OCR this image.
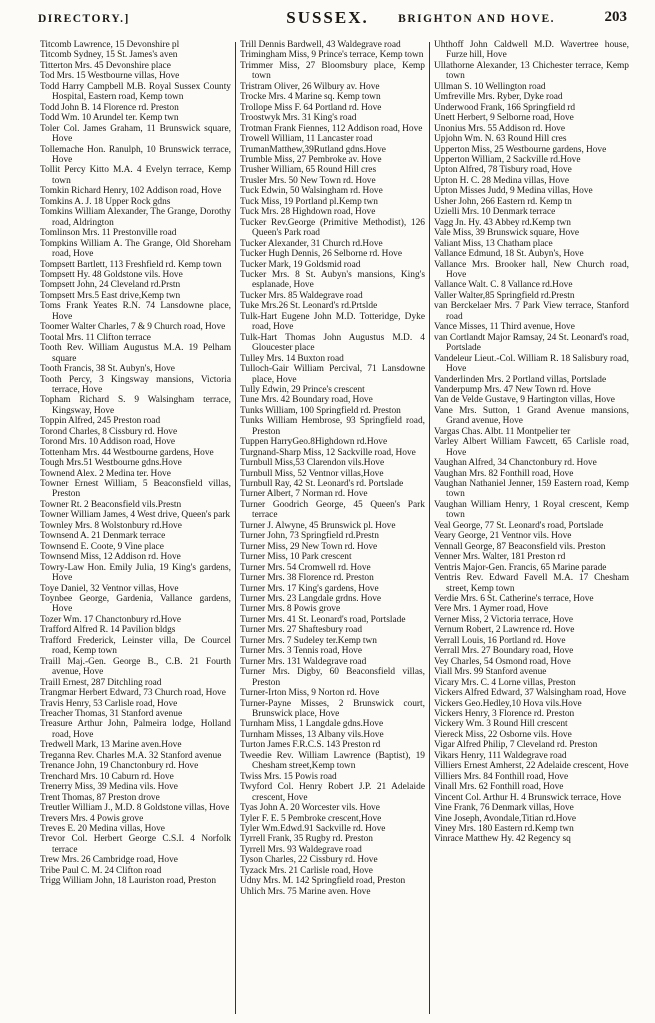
DIRECTORY.]	SUSSEX.	BRIGHTON AND HOVE.	203

Titcomb Lawrence, 15 Devonshire pl

Titcomb Sydney, 15 St. James's aven

Titterton Mrs. 45 Devonshire place

Tod Mrs. 15 Westbourne villas, Hove

Todd Harry Campbell M.B. Royal Sussex County Hospital, Eastern road, Kemp town

Todd John B. 14 Florence rd. Preston

Todd Wm. 10 Arundel ter. Kemp twn

Toler Col. James Graham, 11 Brunswick square, Hove

Tollemache Hon. Ranulph, 10 Brunswick terrace, Hove

Tollit Percy Kitto M.A. 4 Evelyn terrace, Kemp town

Tomkin Richard Henry, 102 Addison road, Hove

Tomkins A. J. 18 Upper Rock gdns

Tomkins William Alexander, The Grange, Dorothy road, Aldrington

Tomlinson Mrs. 11 Prestonville road

Tompkins William A. The Grange, Old Shoreham road, Hove

Tompsett Bartlett, 113 Freshfield rd. Kemp town

Tompsett Hy. 48 Goldstone vils. Hove

Tompsett John, 24 Cleveland rd.Prstn

Tompsett Mrs.5 East drive,Kemp twn

Toms Frank Yeates R.N. 74 Lansdowne place, Hove

Toomer Walter Charles, 7 & 9 Church road, Hove

Tootal Mrs. 11 Clifton terrace

Tooth Rev. William Augustus M.A. 19 Pelham square

Tooth Francis, 38 St. Aubyn's, Hove

Tooth Percy, 3 Kingsway mansions, Victoria terrace, Hove

Topham Richard S. 9 Walsingham terrace, Kingsway, Hove

Toppin Alfred, 245 Preston road

Torond Charles, 8 Cissbury rd. Hove

Torond Mrs. 10 Addison road, Hove

Tottenham Mrs. 44 Westbourne gardens, Hove

Tough Mrs.51 Westbourne gdns.Hove

Townend Alex. 2 Medina ter. Hove

Towner Ernest William, 5 Beaconsfield villas, Preston

Towner Rt. 2 Beaconsfield vils.Prestn

Towner William James, 4 West drive, Queen's park

Townley Mrs. 8 Wolstonbury rd.Hove

Townsend A. 21 Denmark terrace

Townsend E. Coote, 9 Vine place

Townsend Miss, 12 Addison rd. Hove

Towry-Law Hon. Emily Julia, 19 King's gardens, Hove

Toye Daniel, 32 Ventnor villas, Hove

Toynbee George, Gardenia, Vallance gardens, Hove

Tozer Wm. 17 Chanctonbury rd.Hove

Trafford Alfred R. 14 Pavilion bldgs

Trafford Frederick, Leinster villa, De Courcel road, Kemp town

Traill Maj.-Gen. George B., C.B. 21 Fourth avenue, Hove

Traill Ernest, 287 Ditchling road

Trangmar Herbert Edward, 73 Church road, Hove

Travis Henry, 53 Carlisle road, Hove

Treacher Thomas, 31 Stanford avenue

Treasure Arthur John, Palmeira lodge, Holland road, Hove

Tredwell Mark, 13 Marine aven.Hove

Treganna Rev. Charles M.A. 32 Stanford avenue

Trenance John, 19 Chanctonbury rd. Hove

Trenchard Mrs. 10 Caburn rd. Hove

Trenerry Miss, 39 Medina vils. Hove

Trent Thomas, 87 Preston drove

Treutler William J., M.D. 8 Goldstone villas, Hove

Trevers Mrs. 4 Powis grove

Treves E. 20 Medina villas, Hove

Trevor Col. Herbert George C.S.I. 4 Norfolk terrace

Trew Mrs. 26 Cambridge road, Hove

Tribe Paul C. M. 24 Clifton road

Trigg William John, 18 Lauriston road, Preston

Trill Dennis Bardwell, 43 Waldegrave road

Trimingham Miss, 9 Prince's terrace, Kemp town

Trimmer Miss, 27 Bloomsbury place, Kemp town

Tristram Oliver, 26 Wilbury av. Hove

Trocke Mrs. 4 Marine sq. Kemp town

Trollope Miss F. 64 Portland rd. Hove

Troostwyk Mrs. 31 King's road

Trotman Frank Fiennes, 112 Addison road, Hove

Trowell William, 11 Lancaster road

TrumanMatthew,39Rutland gdns.Hove

Trumble Miss, 27 Pembroke av. Hove

Trusher William, 65 Round Hill cres

Trusler Mrs. 50 New Town rd. Hove

Tuck Edwin, 50 Walsingham rd. Hove

Tuck Miss, 19 Portland pl.Kemp twn

Tuck Mrs. 28 Highdown road, Hove

Tucker Rev.George (Primitive Methodist), 126 Queen's Park road

Tucker Alexander, 31 Church rd.Hove

Tucker Hugh Dennis, 26 Selborne rd. Hove

Tucker Mark, 19 Goldsmid road

Tucker Mrs. 8 St. Aubyn's mansions, King's esplanade, Hove

Tucker Mrs. 85 Waldegrave road

Tuke Mrs.26 St. Leonard's rd.Prtslde

Tulk-Hart Eugene John M.D. Totteridge, Dyke road, Hove

Tulk-Hart Thomas John Augustus M.D. 4 Gloucester place

Tulley Mrs. 14 Buxton road

Tulloch-Gair William Percival, 71 Lansdowne place, Hove

Tully Edwin, 29 Prince's crescent

Tune Mrs. 42 Boundary road, Hove

Tunks William, 100 Springfield rd. Preston

Tunks William Hembrose, 93 Springfield road, Preston

Tuppen HarryGeo.8Highdown rd.Hove

Turgnand-Sharp Miss, 12 Sackville road, Hove

Turnbull Miss,53 Clarendon vils.Hove

Turnbull Miss, 52 Ventnor villas,Hove

Turnbull Ray, 42 St. Leonard's rd. Portslade

Turner Albert, 7 Norman rd. Hove

Turner Goodrich George, 45 Queen's Park terrace

Turner J. Alwyne, 45 Brunswick pl. Hove

Turner John, 73 Springfield rd.Prestn

Turner Miss, 29 New Town rd. Hove

Turner Miss, 10 Park crescent

Turner Mrs. 54 Cromwell rd. Hove

Turner Mrs. 38 Florence rd. Preston

Turner Mrs. 17 King's gardens, Hove

Turner Mrs. 23 Langdale grdns. Hove

Turner Mrs. 8 Powis grove

Turner Mrs. 41 St. Leonard's road, Portslade

Turner Mrs. 27 Shaftesbury road

Turner Mrs. 7 Sudeley ter.Kemp twn

Turner Mrs. 3 Tennis road, Hove

Turner Mrs. 131 Waldegrave road

Turner Mrs. Digby, 60 Beaconsfield villas, Preston

Turner-Irton Miss, 9 Norton rd. Hove

Turner-Payne Misses, 2 Brunswick court, Brunswick place, Hove

Turnham Miss, 1 Langdale gdns.Hove

Turnham Misses, 13 Albany vils.Hove

Turton James F.R.C.S. 143 Preston rd

Tweedie Rev. William Lawrence (Baptist), 19 Chesham street,Kemp town

Twiss Mrs. 15 Powis road

Twyford Col. Henry Robert J.P. 21 Adelaide crescent, Hove

Tyas John A. 20 Worcester vils. Hove

Tyler F. E. 5 Pembroke crescent,Hove

Tyler Wm.Edwd.91 Sackville rd. Hove

Tyrrell Frank, 35 Rugby rd. Preston

Tyrrell Mrs. 93 Waldegrave road

Tyson Charles, 22 Cissbury rd. Hove

Tyzack Mrs. 21 Carlisle road, Hove

Udny Mrs. M. 142 Springfield road, Preston

Uhlich Mrs. 75 Marine aven. Hove

Uhthoff John Caldwell M.D. Wavertree house, Furze hill, Hove

Ullathorne Alexander, 13 Chichester terrace, Kemp town

Ullman S. 10 Wellington road

Umfreville Mrs. Ryber, Dyke road

Underwood Frank, 166 Springfield rd

Unett Herbert, 9 Selborne road, Hove

Unonius Mrs. 55 Addison rd. Hove

Upjohn Wm. N. 63 Round Hill cres

Upperton Miss, 25 Westbourne gardens, Hove

Upperton William, 2 Sackville rd.Hove

Upton Alfred, 78 Tisbury road, Hove

Upton H. C. 28 Medina villas, Hove

Upton Misses Judd, 9 Medina villas, Hove

Usher John, 266 Eastern rd. Kemp tn

Uzielli Mrs. 10 Denmark terrace

Vagg Jn. Hy. 43 Abbey rd.Kemp twn

Vale Miss, 39 Brunswick square, Hove

Valiant Miss, 13 Chatham place

Vallance Edmund, 18 St. Aubyn's, Hove

Vallance Mrs. Brooker hall, New Church road, Hove

Vallance Walt. C. 8 Vallance rd.Hove

Valler Walter,85 Springfield rd.Prestn

van Berckelaer Mrs. 7 Park View terrace, Stanford road

Vance Misses, 11 Third avenue, Hove

van Cortlandt Major Ramsay, 24 St. Leonard's road, Portslade

Vandeleur Lieut.-Col. William R. 18 Salisbury road, Hove

Vanderlinden Mrs. 2 Portland villas, Portslade

Vanderpump Mrs. 47 New Town rd. Hove

Van de Velde Gustave, 9 Hartington villas, Hove

Vane Mrs. Sutton, 1 Grand Avenue mansions, Grand avenue, Hove

Vargas Chas. Albt. 11 Montpelier ter

Varley Albert William Fawcett, 65 Carlisle road, Hove

Vaughan Alfred, 34 Chanctonbury rd. Hove

Vaughan Mrs. 82 Fonthill road, Hove

Vaughan Nathaniel Jenner, 159 Eastern road, Kemp town

Vaughan William Henry, 1 Royal crescent, Kemp town

Veal George, 77 St. Leonard's road, Portslade

Veary George, 21 Ventnor vils. Hove

Vennall George, 87 Beaconsfield vils. Preston

Venner Mrs. Walter, 181 Preston rd

Ventris Major-Gen. Francis, 65 Marine parade

Ventris Rev. Edward Favell M.A. 17 Chesham street, Kemp town

Verdie Mrs. 6 St. Catherine's terrace, Hove

Vere Mrs. 1 Aymer road, Hove

Verner Miss, 2 Victoria terrace, Hove

Vernum Robert, 2 Lawrence rd. Hove

Verrall Louis, 16 Portland rd. Hove

Verrall Mrs. 27 Boundary road, Hove

Vey Charles, 54 Osmond road, Hove

Viall Mrs. 99 Stanford avenue

Vicary Mrs. C. 4 Lorne villas, Preston

Vickers Alfred Edward, 37 Walsingham road, Hove

Vickers Geo.Hedley,10 Hova vils.Hove

Vickers Henry, 3 Florence rd. Preston

Vickery Wm. 3 Round Hill crescent

Viereck Miss, 22 Osborne vils. Hove

Vigar Alfred Philip, 7 Cleveland rd. Preston

Vikars Henry, 111 Waldegrave road

Villiers Ernest Amherst, 22 Adelaide crescent, Hove

Villiers Mrs. 84 Fonthill road, Hove

Vinall Mrs. 62 Fonthill road, Hove

Vincent Col. Arthur H. 4 Brunswick terrace, Hove

Vine Frank, 76 Denmark villas, Hove

Vine Joseph, Avondale,Titian rd.Hove

Viney Mrs. 180 Eastern rd.Kemp twn

Vinrace Matthew Hy. 42 Regency sq
